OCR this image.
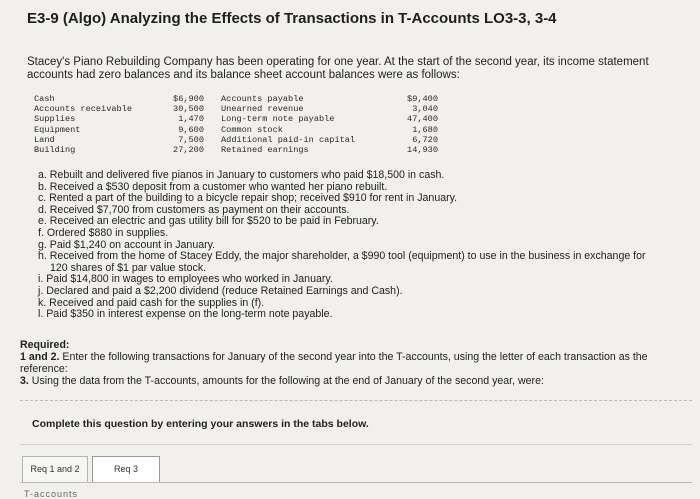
E3-9 (Algo) Analyzing the Effects of Transactions in T-Accounts LO3-3, 3-4
Stacey's Piano Rebuilding Company has been operating for one year. At the start of the second year, its income statement accounts had zero balances and its balance sheet account balances were as follows:
Cash
Accounts receivable
Supplies
Equipment
Land
Building
$6,900
30,500
1,470
9,600
7,500
27,200
Accounts payable
Unearned revenue
Long-term note payable
Common stock
Additional paid-in capital
Retained earnings
$9,400
3,040
47,400
1,680
6,720
14,930
a. Rebuilt and delivered five pianos in January to customers who paid $18,500 in cash.
b. Received a $530 deposit from a customer who wanted her piano rebuilt.
c. Rented a part of the building to a bicycle repair shop; received $910 for rent in January.
d. Received $7,700 from customers as payment on their accounts.
e. Received an electric and gas utility bill for $520 to be paid in February.
f. Ordered $880 in supplies.
g. Paid $1,240 on account in January.
h. Received from the home of Stacey Eddy, the major shareholder, a $990 tool (equipment) to use in the business in exchange for
120 shares of $1 par value stock.
i. Paid $14,800 in wages to employees who worked in January.
j. Declared and paid a $2,200 dividend (reduce Retained Earnings and Cash).
k. Received and paid cash for the supplies in (f).
l. Paid $350 in interest expense on the long-term note payable.
Required:
1 and 2. Enter the following transactions for January of the second year into the T-accounts, using the letter of each transaction as the reference:
3. Using the data from the T-accounts, amounts for the following at the end of January of the second year, were:
Complete this question by entering your answers in the tabs below.
Req 1 and 2	Req 3
T-accounts
